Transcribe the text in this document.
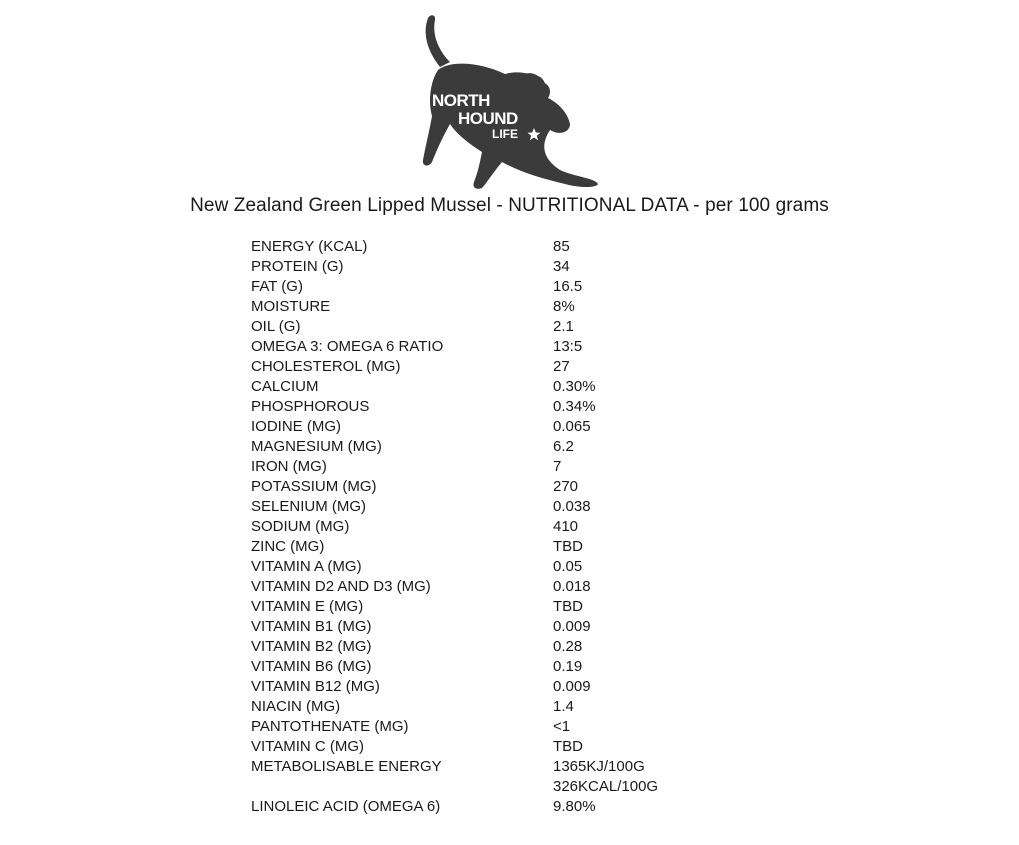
NORTH
HOUND
LIFE
New Zealand Green Lipped Mussel - NUTRITIONAL DATA - per 100 grams
ENERGY (KCAL)	85
PROTEIN (G)	34
FAT (G)	16.5
MOISTURE	8%
OIL (G)	2.1
OMEGA 3: OMEGA 6 RATIO	13:5
CHOLESTEROL (MG)	27
CALCIUM	0.30%
PHOSPHOROUS	0.34%
IODINE (MG)	0.065
MAGNESIUM (MG)	6.2
IRON (MG)	7
POTASSIUM (MG)	270
SELENIUM (MG)	0.038
SODIUM (MG)	410
ZINC (MG)	TBD
VITAMIN A (MG)	0.05
VITAMIN D2 AND D3 (MG)	0.018
VITAMIN E (MG)	TBD
VITAMIN B1 (MG)	0.009
VITAMIN B2 (MG)	0.28
VITAMIN B6 (MG)	0.19
VITAMIN B12 (MG)	0.009
NIACIN (MG)	1.4
PANTOTHENATE (MG)	<1
VITAMIN C (MG)	TBD
METABOLISABLE ENERGY	1365KJ/100G
326KCAL/100G
LINOLEIC ACID (OMEGA 6)	9.80%
